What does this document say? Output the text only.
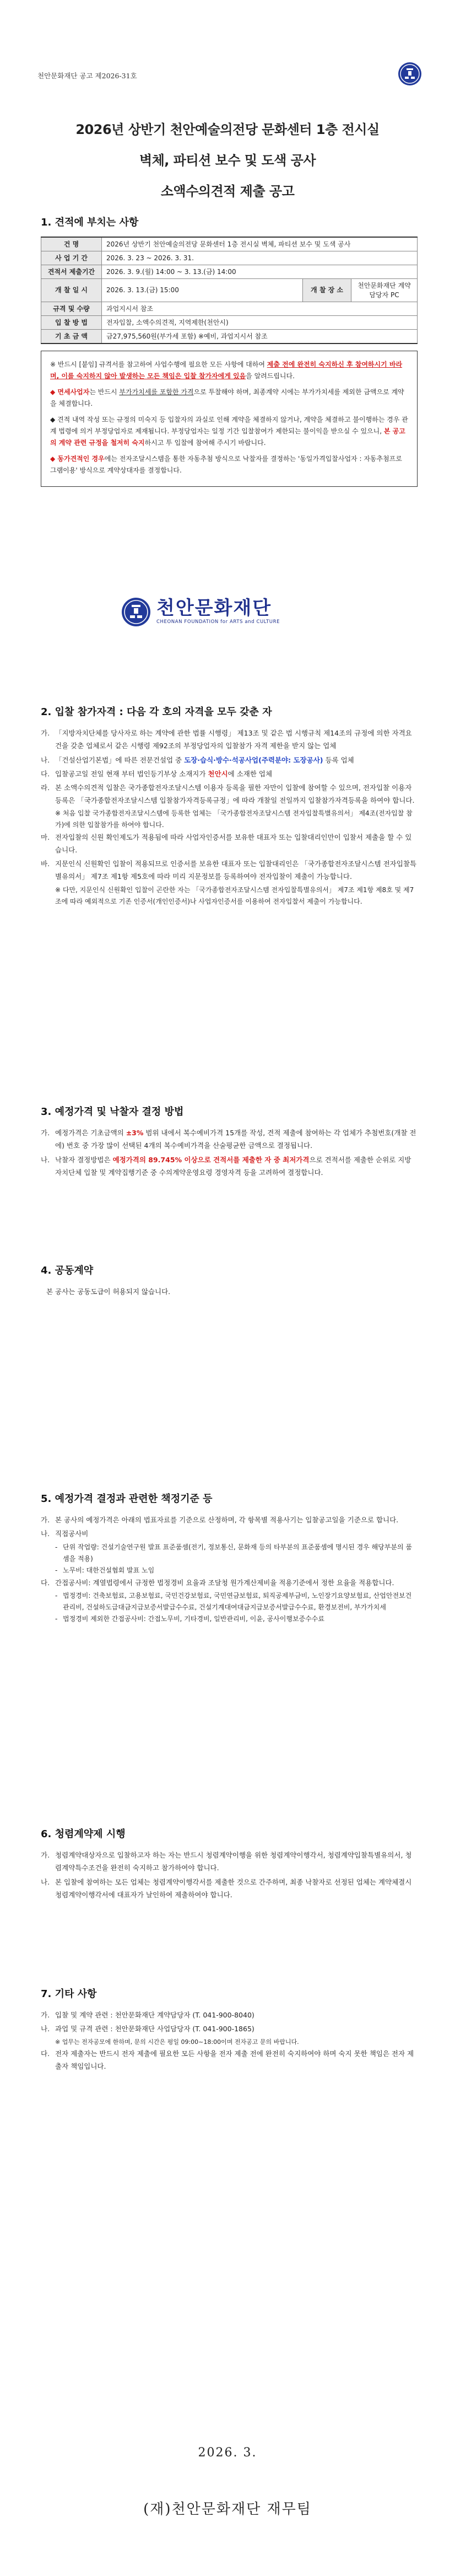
천안문화재단 공고 제2026-31호
2026년 상반기 천안예술의전당 문화센터 1층 전시실
벽체, 파티션 보수 및 도색 공사
소액수의견적 제출 공고
1. 견적에 부치는 사항
건 명	2026년 상반기 천안예술의전당 문화센터 1층 전시실 벽체, 파티션 보수 및 도색 공사		
사 업 기 간	2026. 3. 23 ~ 2026. 3. 31.		
견적서 제출기간	2026. 3. 9.(월) 14:00 ~ 3. 13.(금) 14:00		
개 찰 일 시	2026. 3. 13.(금) 15:00	개 찰 장 소	천안문화재단 계약담당자 PC
규격 및 수량	과업지시서 참조		
입 찰 방 법	전자입찰, 소액수의견적, 지역제한(천안시)		
기 초 금 액	금27,975,560원(부가세 포함) ※예비, 과업지시서 참조		

※ 반드시 [붙임] 규격서를 참고하여 사업수행에 필요한 모든 사항에 대하여 제출 전에 완전히 숙지하신 후 참여하시기 바라며, 이를 숙지하지 않아 발생하는 모든 책임은 입찰 참가자에게 있음을 알려드립니다.

◆ 면세사업자는 반드시 부가가치세를 포함한 가격으로 투찰해야 하며, 최종계약 시에는 부가가치세를 제외한 금액으로 계약을 체결합니다.

◆ 견적 내역 작성 또는 규정의 미숙지 등 입찰자의 과실로 인해 계약을 체결하지 않거나, 계약을 체결하고 불이행하는 경우 관계 법령에 의거 부정당업자로 제재됩니다. 부정당업자는 일정 기간 입찰참여가 제한되는 불이익을 받으실 수 있으니, 본 공고의 계약 관련 규정을 철저히 숙지하시고 투 입찰에 참여해 주시기 바랍니다.

◆ 동가견적인 경우에는 전자조달시스템을 통한 자동추첨 방식으로 낙찰자를 결정하는 '동일가격입찰사업자 : 자동추첨프로그램이용' 방식으로 계약상대자를 결정합니다.

천안문화재단
CHEONAN FOUNDATION for ARTS and CULTURE
2. 입찰 참가자격 : 다음 각 호의 자격을 모두 갖춘 자
가. 「지방자치단체를 당사자로 하는 계약에 관한 법률 시행령」 제13조 및 같은 법 시행규칙 제14조의 규정에 의한 자격요건을 갖춘 업체로서 같은 시행령 제92조의 부정당업자의 입찰참가 자격 제한을 받지 않는 업체
나. 「건설산업기본법」에 따른 전문건설업 중 도장·습식·방수·석공사업(주력분야: 도장공사) 등록 업체
다. 입찰공고일 전일 현재 부터 법인등기부상 소재지가 천안시에 소재한 업체
라. 본 소액수의견적 입찰은 국가종합전자조달시스템 이용자 등록을 필한 자만이 입찰에 참여할 수 있으며, 전자입찰 이용자 등록은 「국가종합전자조달시스템 입찰참가자격등록규정」에 따라 개찰일 전일까지 입찰참가자격등록을 하여야 합니다.
※ 처음 입찰 국가종합전자조달시스템에 등록한 업체는 「국가종합전자조달시스템 전자입찰특별유의서」 제4조(전자입찰 참가)에 의한 입찰참가를 하여야 합니다.
마. 전자입찰의 신원 확인제도가 적용됨에 따라 사업자인증서를 보유한 대표자 또는 입찰대리인만이 입찰서 제출을 할 수 있습니다.
바. 지문인식 신원확인 입찰이 적용되므로 인증서를 보유한 대표자 또는 입찰대리인은 「국가종합전자조달시스템 전자입찰특별유의서」 제7조 제1항 제5호에 따라 미리 지문정보를 등록하여야 전자입찰이 제출이 가능합니다.
※ 다만, 지문인식 신원확인 입찰이 곤란한 자는 「국가종합전자조달시스템 전자입찰특별유의서」 제7조 제1항 제8호 및 제7조에 따라 예외적으로 기존 인증서(개인인증서)나 사업자인증서를 이용하여 전자입찰서 제출이 가능합니다.
3. 예정가격 및 낙찰자 결정 방법
가. 예정가격은 기초금액의 ±3% 범위 내에서 복수예비가격 15개를 작성, 견적 제출에 참여하는 각 업체가 추첨번호(개찰 전에) 번호 중 가장 많이 선택된 4개의 복수예비가격을 산술평균한 금액으로 결정됩니다.
나. 낙찰자 결정방법은 예정가격의 89.745% 이상으로 견적서를 제출한 자 중 최저가격으로 견적서를 제출한 순위로 지방자치단체 입찰 및 계약집행기준 중 수의계약운영요령 경영자격 등을 고려하여 결정합니다.
4. 공동계약
본 공사는 공동도급이 허용되지 않습니다.
5. 예정가격 결정과 관련한 책정기준 등
가. 본 공사의 예정가격은 아래의 법표자료를 기준으로 산정하며, 각 항목별 적용사기는 입찰공고일을 기준으로 합니다.
나. 직접공사비
- 단위 작업량: 건설기술연구원 발표 표준품셈(전기, 정보통신, 문화재 등의 타부분의 표준품셈에 명시된 경우 해당부분의 품셈을 적용)
- 노무비: 대한건설협회 발표 노임
다. 간접공사비: 계열법령에서 규정한 법정경비 요율과 조달청 원가계산제비율 적용기준에서 정한 요율을 적용합니다.
- 법정경비: 건축보험료, 고용보험료, 국민건강보험료, 국민연금보험료, 퇴직공제부금비, 노인장기요양보험료, 산업안전보건관리비, 건설하도급대금지급보증서발급수수료, 건설기계대여대금지급보증서발급수수료, 환경보전비, 부가가치세
- 법정경비 제외한 간접공사비: 간접노무비, 기타경비, 일반관리비, 이윤, 공사이행보증수수료
6. 청렴계약제 시행
가. 청렴계약대상자으로 입찰하고자 하는 자는 반드시 청렴계약이행을 위한 청렴계약이행각서, 청렴계약입찰특별유의서, 청렴계약특수조건을 완전히 숙지하고 참가하여야 합니다.
나. 본 입찰에 참여하는 모든 업체는 청렴계약이행각서를 제출한 것으로 간주하며, 최종 낙찰자로 선정된 업체는 계약체결시 청렴계약이행각서에 대표자가 날인하여 제출하여야 합니다.
7. 기타 사항
가. 입찰 및 계약 관련 : 천안문화재단 계약담당자 (T. 041-900-8040)
나. 과업 및 규격 관련 : 천안문화재단 사업담당자 (T. 041-900-1865)
※ 업무는 전자공모에 한하며, 문의 시간은 평일 09:00~18:00이며 전자공고 문의 바랍니다.
다. 전자 제출자는 반드시 전자 제출에 필요한 모든 사항을 전자 제출 전에 완전히 숙지하여야 하며 숙지 못한 책임은 전자 제출자 책임입니다.
2026. 3.
(재)천안문화재단 재무팀
